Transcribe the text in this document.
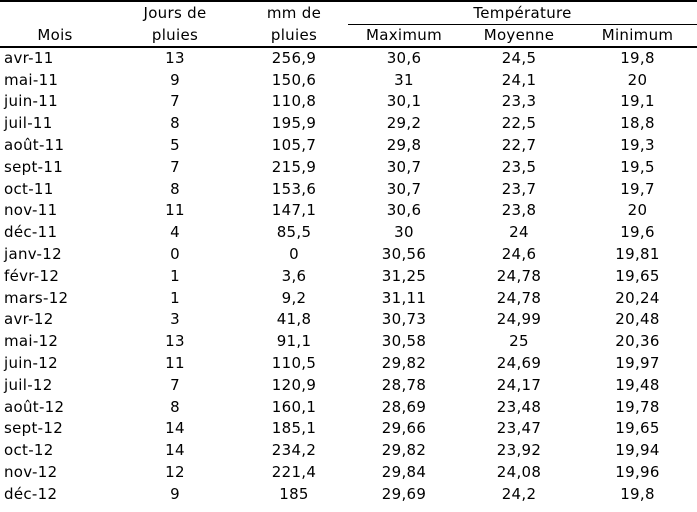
	Jours de	mm de	Température		
Mois	pluies	pluies	Maximum	Moyenne	Minimum
avr-11	13	256,9	30,6	24,5	19,8
mai-11	9	150,6	31	24,1	20
juin-11	7	110,8	30,1	23,3	19,1
juil-11	8	195,9	29,2	22,5	18,8
août-11	5	105,7	29,8	22,7	19,3
sept-11	7	215,9	30,7	23,5	19,5
oct-11	8	153,6	30,7	23,7	19,7
nov-11	11	147,1	30,6	23,8	20
déc-11	4	85,5	30	24	19,6
janv-12	0	0	30,56	24,6	19,81
févr-12	1	3,6	31,25	24,78	19,65
mars-12	1	9,2	31,11	24,78	20,24
avr-12	3	41,8	30,73	24,99	20,48
mai-12	13	91,1	30,58	25	20,36
juin-12	11	110,5	29,82	24,69	19,97
juil-12	7	120,9	28,78	24,17	19,48
août-12	8	160,1	28,69	23,48	19,78
sept-12	14	185,1	29,66	23,47	19,65
oct-12	14	234,2	29,82	23,92	19,94
nov-12	12	221,4	29,84	24,08	19,96
déc-12	9	185	29,69	24,2	19,8
